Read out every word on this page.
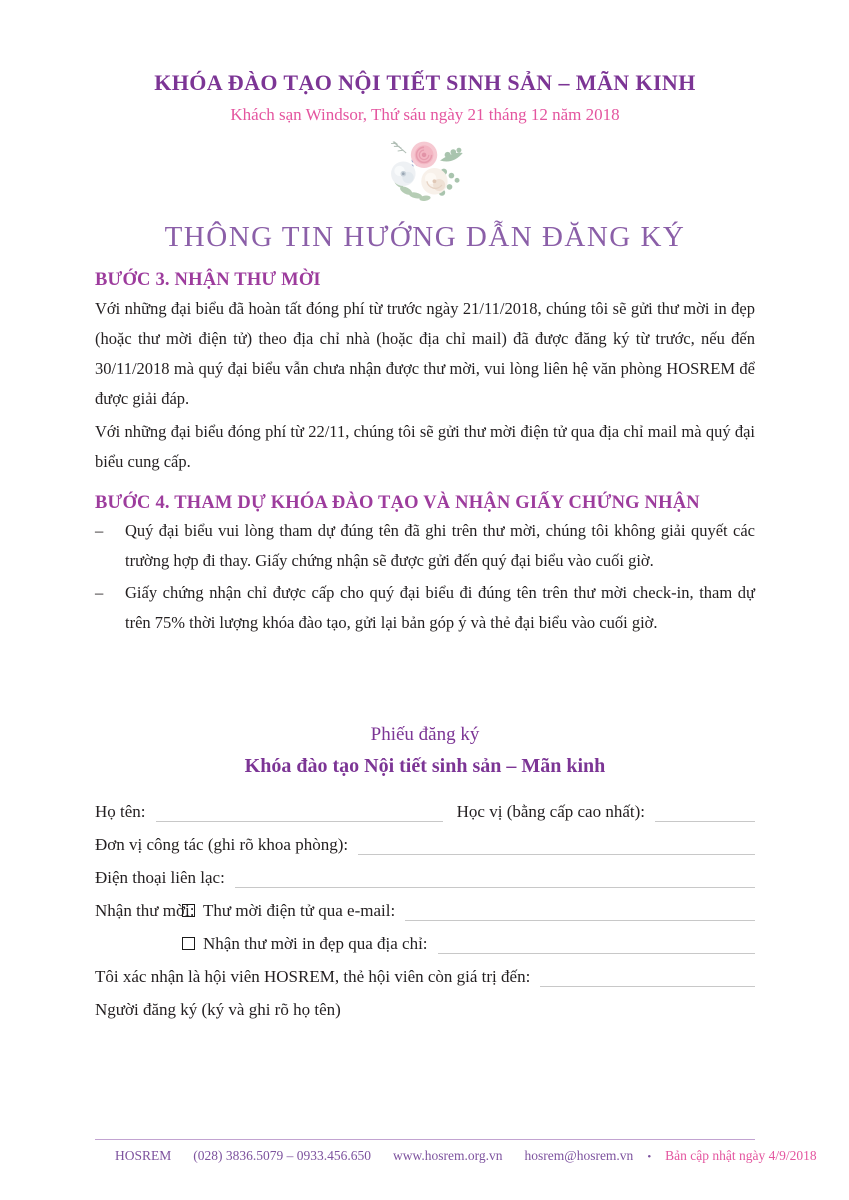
KHÓA ĐÀO TẠO NỘI TIẾT SINH SẢN – MÃN KINH
Khách sạn Windsor, Thứ sáu ngày 21 tháng 12 năm 2018
THÔNG TIN HƯỚNG DẪN ĐĂNG KÝ
BƯỚC 3. NHẬN THƯ MỜI

Với những đại biểu đã hoàn tất đóng phí từ trước ngày 21/11/2018, chúng tôi sẽ gửi thư mời in đẹp (hoặc thư mời điện tử) theo địa chỉ nhà (hoặc địa chỉ mail) đã được đăng ký từ trước, nếu đến 30/11/2018 mà quý đại biểu vẫn chưa nhận được thư mời, vui lòng liên hệ văn phòng HOSREM để được giải đáp.

Với những đại biểu đóng phí từ 22/11, chúng tôi sẽ gửi thư mời điện tử qua địa chỉ mail mà quý đại biểu cung cấp.

BƯỚC 4. THAM DỰ KHÓA ĐÀO TẠO VÀ NHẬN GIẤY CHỨNG NHẬN
–	Quý đại biểu vui lòng tham dự đúng tên đã ghi trên thư mời, chúng tôi không giải quyết các trường hợp đi thay. Giấy chứng nhận sẽ được gửi đến quý đại biểu vào cuối giờ.
–	Giấy chứng nhận chỉ được cấp cho quý đại biểu đi đúng tên trên thư mời check-in, tham dự trên 75% thời lượng khóa đào tạo, gửi lại bản góp ý và thẻ đại biểu vào cuối giờ.
Phiếu đăng ký
Khóa đào tạo Nội tiết sinh sản – Mãn kinh
Họ tên:	Học vị (bằng cấp cao nhất):
Đơn vị công tác (ghi rõ khoa phòng):
Điện thoại liên lạc:
Nhận thư mời: Thư mời điện tử qua e-mail:
Nhận thư mời in đẹp qua địa chỉ:
Tôi xác nhận là hội viên HOSREM, thẻ hội viên còn giá trị đến:
Người đăng ký (ký và ghi rõ họ tên)
HOSREM (028) 3836.5079 – 0933.456.650 www.hosrem.org.vn hosrem@hosrem.vn • Bản cập nhật ngày 4/9/2018
